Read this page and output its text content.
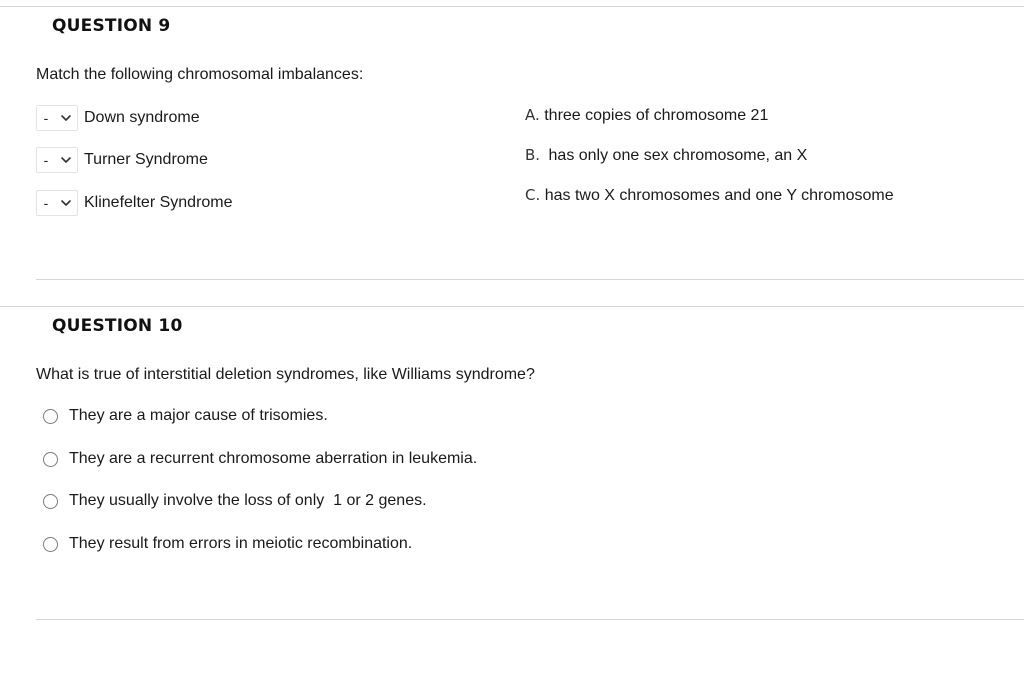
QUESTION 9
Match the following chromosomal imbalances:
-	Down syndrome
-	Turner Syndrome
-	Klinefelter Syndrome
A. three copies of chromosome 21
B. has only one sex chromosome, an X
C. has two X chromosomes and one Y chromosome
QUESTION 10
What is true of interstitial deletion syndromes, like Williams syndrome?
They are a major cause of trisomies.
They are a recurrent chromosome aberration in leukemia.
They usually involve the loss of only  1 or 2 genes.
They result from errors in meiotic recombination.
